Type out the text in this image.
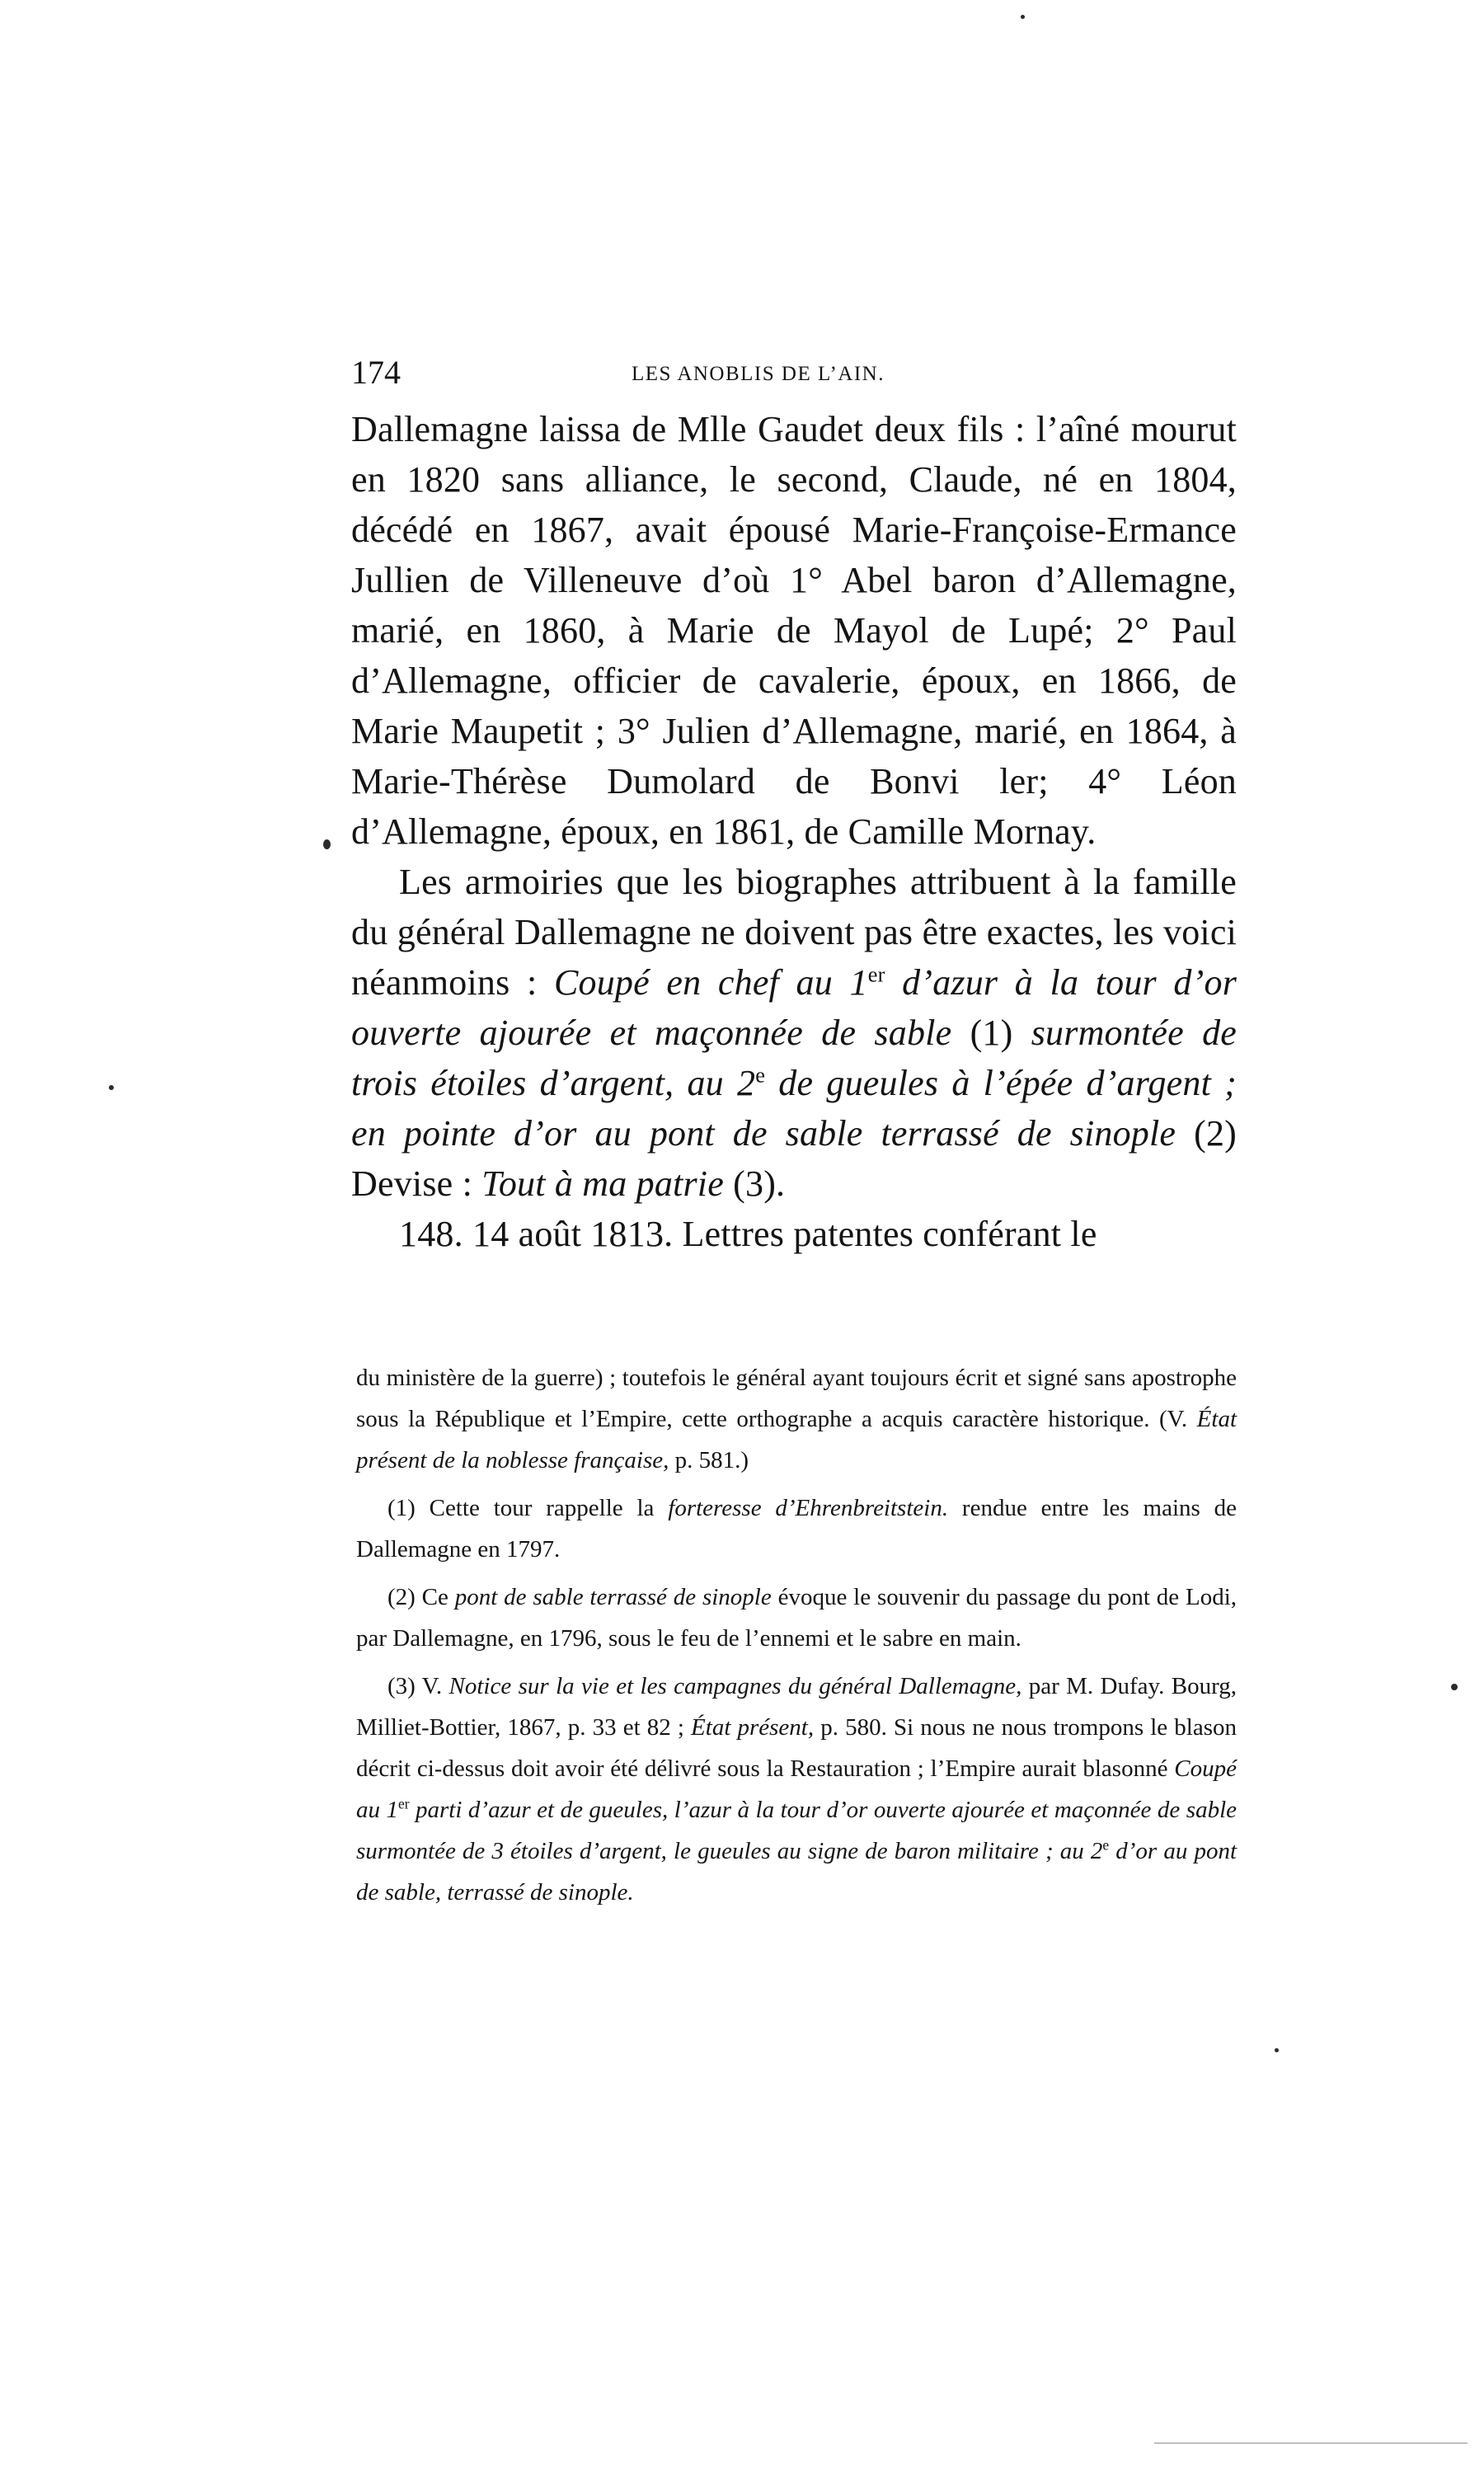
174	LES ANOBLIS DE L’AIN.

Dallemagne laissa de Mlle Gaudet deux fils : l’aîné mourut en 1820 sans alliance, le second, Claude, né en 1804, décédé en 1867, avait épousé Marie-Françoise-Ermance Jullien de Villeneuve d’où 1° Abel baron d’Allemagne, marié, en 1860, à Marie de Mayol de Lupé; 2° Paul d’Allemagne, officier de cavalerie, époux, en 1866, de Marie Maupetit ; 3° Julien d’Allemagne, marié, en 1864, à Marie-Thérèse Dumolard de Bonvi ler; 4° Léon d’Allemagne, époux, en 1861, de Camille Mornay.

Les armoiries que les biographes attribuent à la famille du général Dallemagne ne doivent pas être exactes, les voici néanmoins : Coupé en chef au 1er d’azur à la tour d’or ouverte ajourée et maçonnée de sable (1) surmontée de trois étoiles d’argent, au 2e de gueules à l’épée d’argent ; en pointe d’or au pont de sable terrassé de sinople (2) Devise : Tout à ma patrie (3).

148. 14 août 1813. Lettres patentes conférant le

du ministère de la guerre) ; toutefois le général ayant toujours écrit et signé sans apostrophe sous la République et l’Empire, cette orthographe a acquis caractère historique. (V. État présent de la noblesse française, p. 581.)

(1) Cette tour rappelle la forteresse d’Ehrenbreitstein. rendue entre les mains de Dallemagne en 1797.

(2) Ce pont de sable terrassé de sinople évoque le souvenir du passage du pont de Lodi, par Dallemagne, en 1796, sous le feu de l’ennemi et le sabre en main.

(3) V. Notice sur la vie et les campagnes du général Dallemagne, par M. Dufay. Bourg, Milliet-Bottier, 1867, p. 33 et 82 ; État présent, p. 580. Si nous ne nous trompons le blason décrit ci-dessus doit avoir été délivré sous la Restauration ; l’Empire aurait blasonné Coupé au 1er parti d’azur et de gueules, l’azur à la tour d’or ouverte ajourée et maçonnée de sable surmontée de 3 étoiles d’argent, le gueules au signe de baron militaire ; au 2e d’or au pont de sable, terrassé de sinople.
